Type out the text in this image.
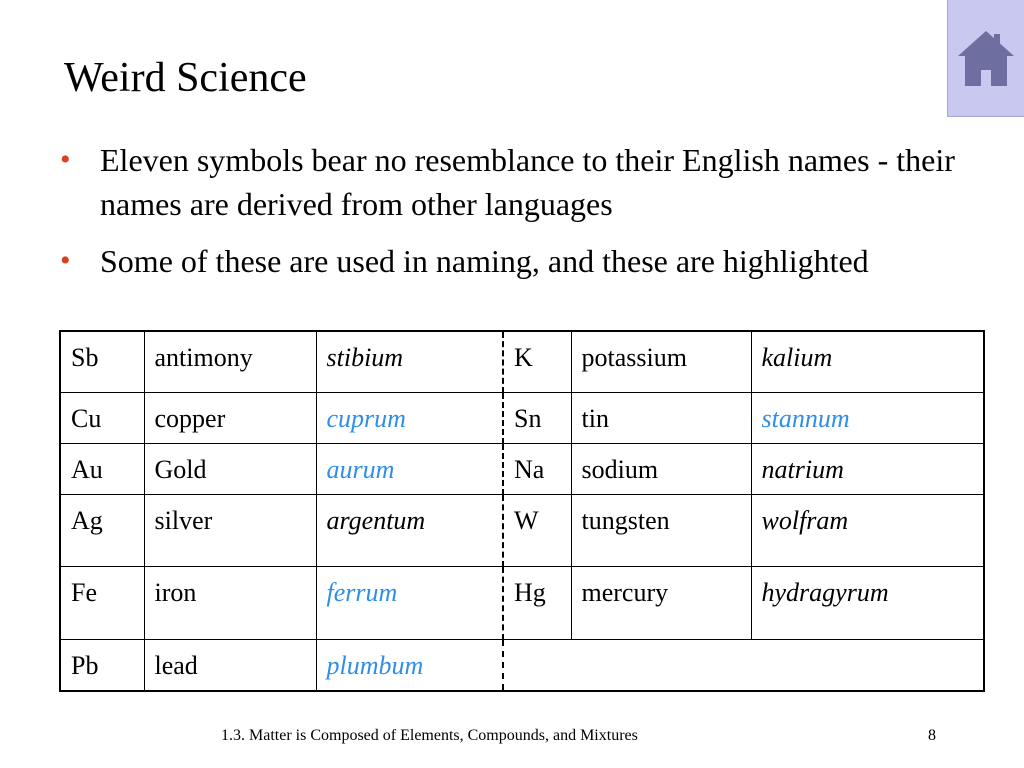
Weird Science
• Eleven symbols bear no resemblance to their English names - their names are derived from other languages
• Some of these are used in naming, and these are highlighted
Sb	antimony	stibium	K	potassium	kalium
Cu	copper	cuprum	Sn	tin	stannum
Au	Gold	aurum	Na	sodium	natrium
Ag	silver	argentum	W	tungsten	wolfram
Fe	iron	ferrum	Hg	mercury	hydragyrum
Pb	lead	plumbum			
1.3. Matter is Composed of Elements, Compounds, and Mixtures	8
